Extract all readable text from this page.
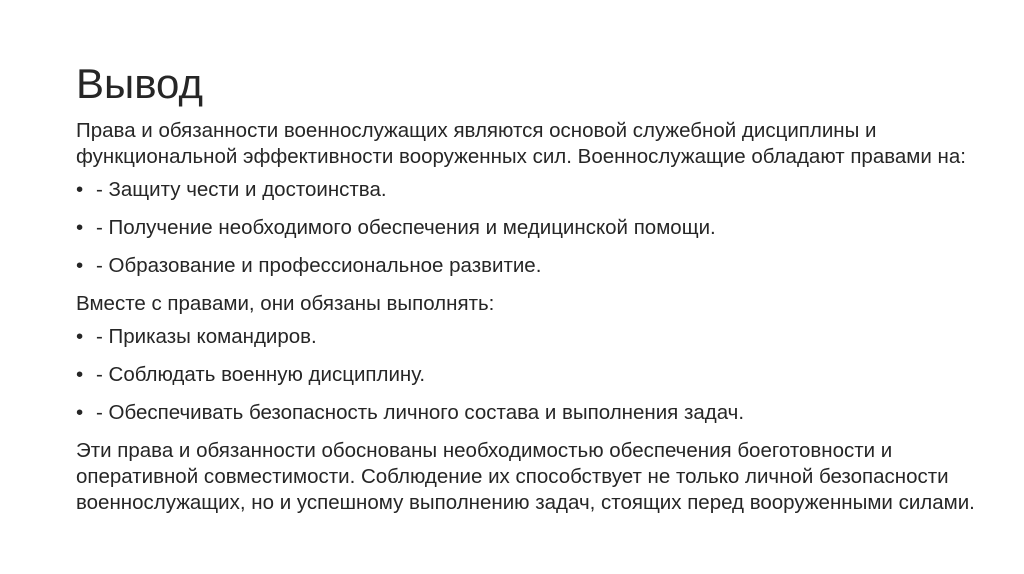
Вывод

Права и обязанности военнослужащих являются основой служебной дисциплины и функциональной эффективности вооруженных сил. Военнослужащие обладают правами на:

• - Защиту чести и достоинства.
• - Получение необходимого обеспечения и медицинской помощи.
• - Образование и профессиональное развитие.

Вместе с правами, они обязаны выполнять:

• - Приказы командиров.
• - Соблюдать военную дисциплину.
• - Обеспечивать безопасность личного состава и выполнения задач.

Эти права и обязанности обоснованы необходимостью обеспечения боеготовности и оперативной совместимости. Соблюдение их способствует не только личной безопасности военнослужащих, но и успешному выполнению задач, стоящих перед вооруженными силами.
